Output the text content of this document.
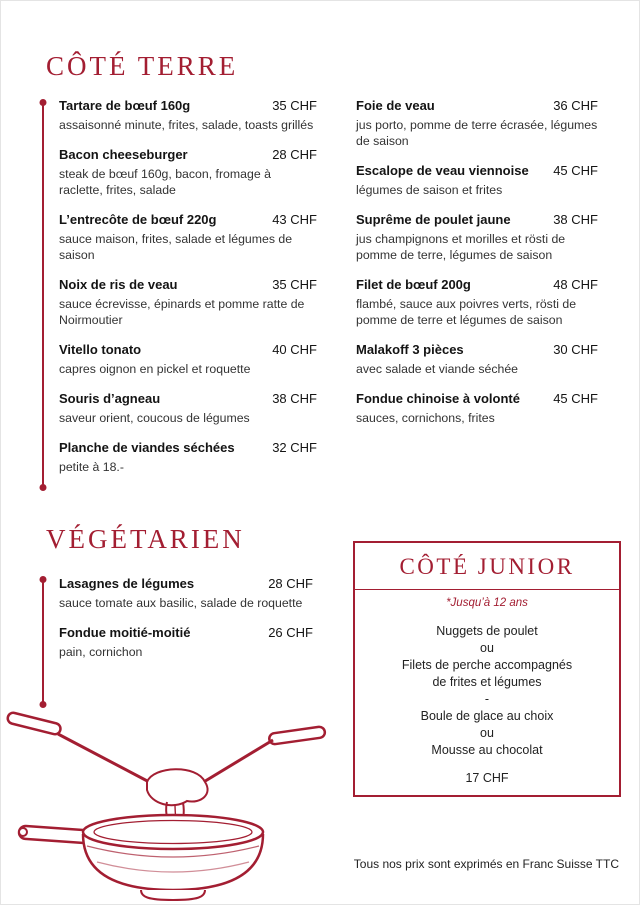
CÔTÉ TERRE
Tartare de bœuf 160g	35 CHF
assaisonné minute, frites, salade, toasts grillés
Bacon cheeseburger	28 CHF
steak de bœuf 160g, bacon, fromage à raclette, frites, salade
L’entrecôte de bœuf 220g	43 CHF
sauce maison, frites, salade et légumes de saison
Noix de ris de veau	35 CHF
sauce écrevisse, épinards et pomme ratte de Noirmoutier
Vitello tonato	40 CHF
capres oignon en pickel et roquette
Souris d’agneau	38 CHF
saveur orient, coucous de légumes
Planche de viandes séchées	32 CHF
petite à 18.-
Foie de veau	36 CHF
jus porto, pomme de terre écrasée, légumes de saison
Escalope de veau viennoise 45 CHF
légumes de saison et frites
Suprême de poulet jaune	38 CHF
jus champignons et morilles et rösti de pomme de terre, légumes de saison
Filet de bœuf 200g	48 CHF
flambé, sauce aux poivres verts, rösti de pomme de terre et légumes de saison
Malakoff 3 pièces	30 CHF
avec salade et viande séchée
Fondue chinoise à volonté	45 CHF
sauces, cornichons, frites
VÉGÉTARIEN
Lasagnes de légumes	28 CHF
sauce tomate aux basilic, salade de roquette
Fondue moitié-moitié	26 CHF
pain, cornichon
CÔTÉ JUNIOR
*Jusqu’à 12 ans
Nuggets de poulet
ou
Filets de perche accompagnés
de frites et légumes
-
Boule de glace au choix
ou
Mousse au chocolat
17 CHF
Tous nos prix sont exprimés en Franc Suisse TTC
